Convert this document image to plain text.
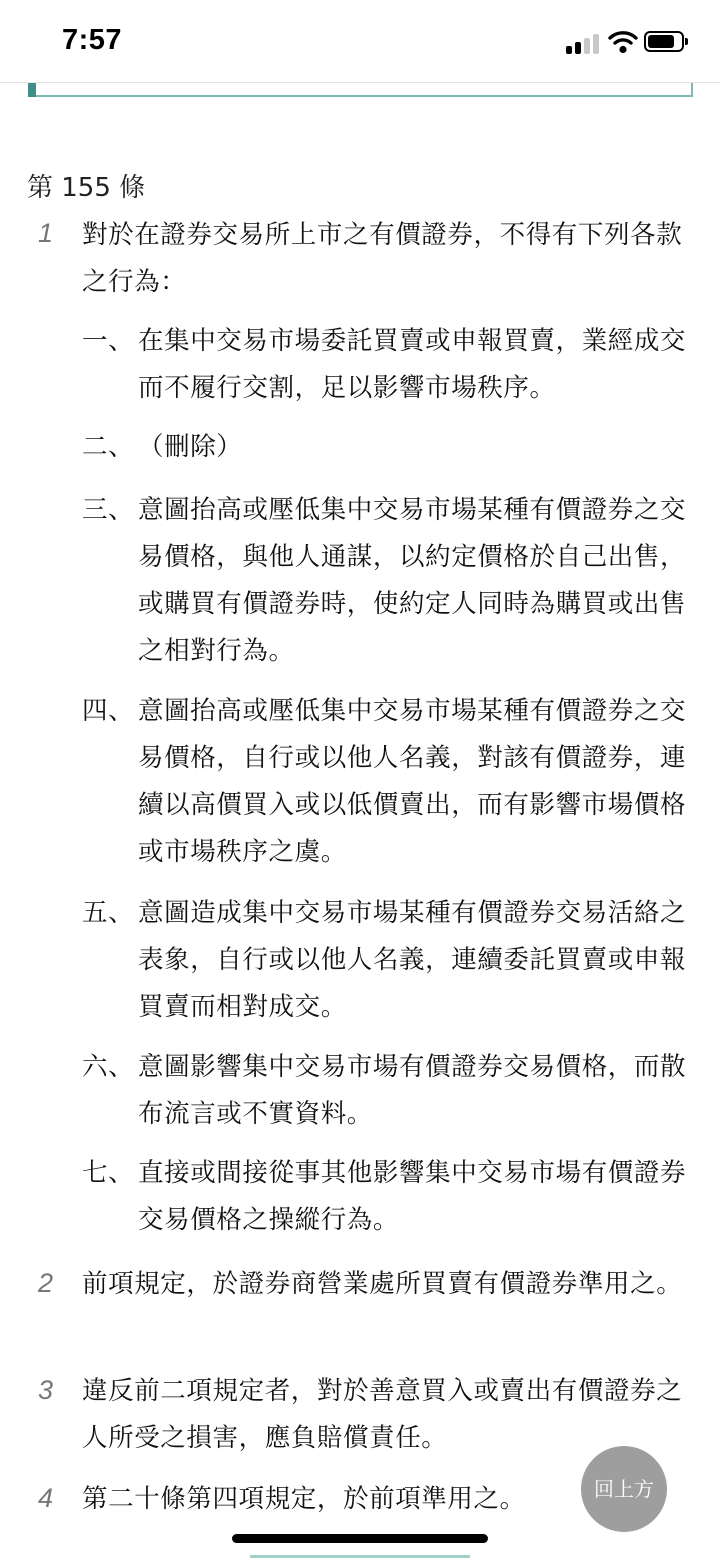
7:57
第 155 條
1 對於在證券交易所上市之有價證券，不得有下列各款之行為：
一、 在集中交易市場委託買賣或申報買賣，業經成交而不履行交割，足以影響市場秩序。
二、 （刪除）
三、 意圖抬高或壓低集中交易市場某種有價證券之交易價格，與他人通謀，以約定價格於自己出售，或購買有價證券時，使約定人同時為購買或出售之相對行為。
四、 意圖抬高或壓低集中交易市場某種有價證券之交易價格，自行或以他人名義，對該有價證券，連續以高價買入或以低價賣出，而有影響市場價格或市場秩序之虞。
五、 意圖造成集中交易市場某種有價證券交易活絡之表象，自行或以他人名義，連續委託買賣或申報買賣而相對成交。
六、 意圖影響集中交易市場有價證券交易價格，而散布流言或不實資料。
七、 直接或間接從事其他影響集中交易市場有價證券交易價格之操縱行為。
2 前項規定，於證券商營業處所買賣有價證券準用之。
3 違反前二項規定者，對於善意買入或賣出有價證券之人所受之損害，應負賠償責任。
4 第二十條第四項規定，於前項準用之。	回上方
